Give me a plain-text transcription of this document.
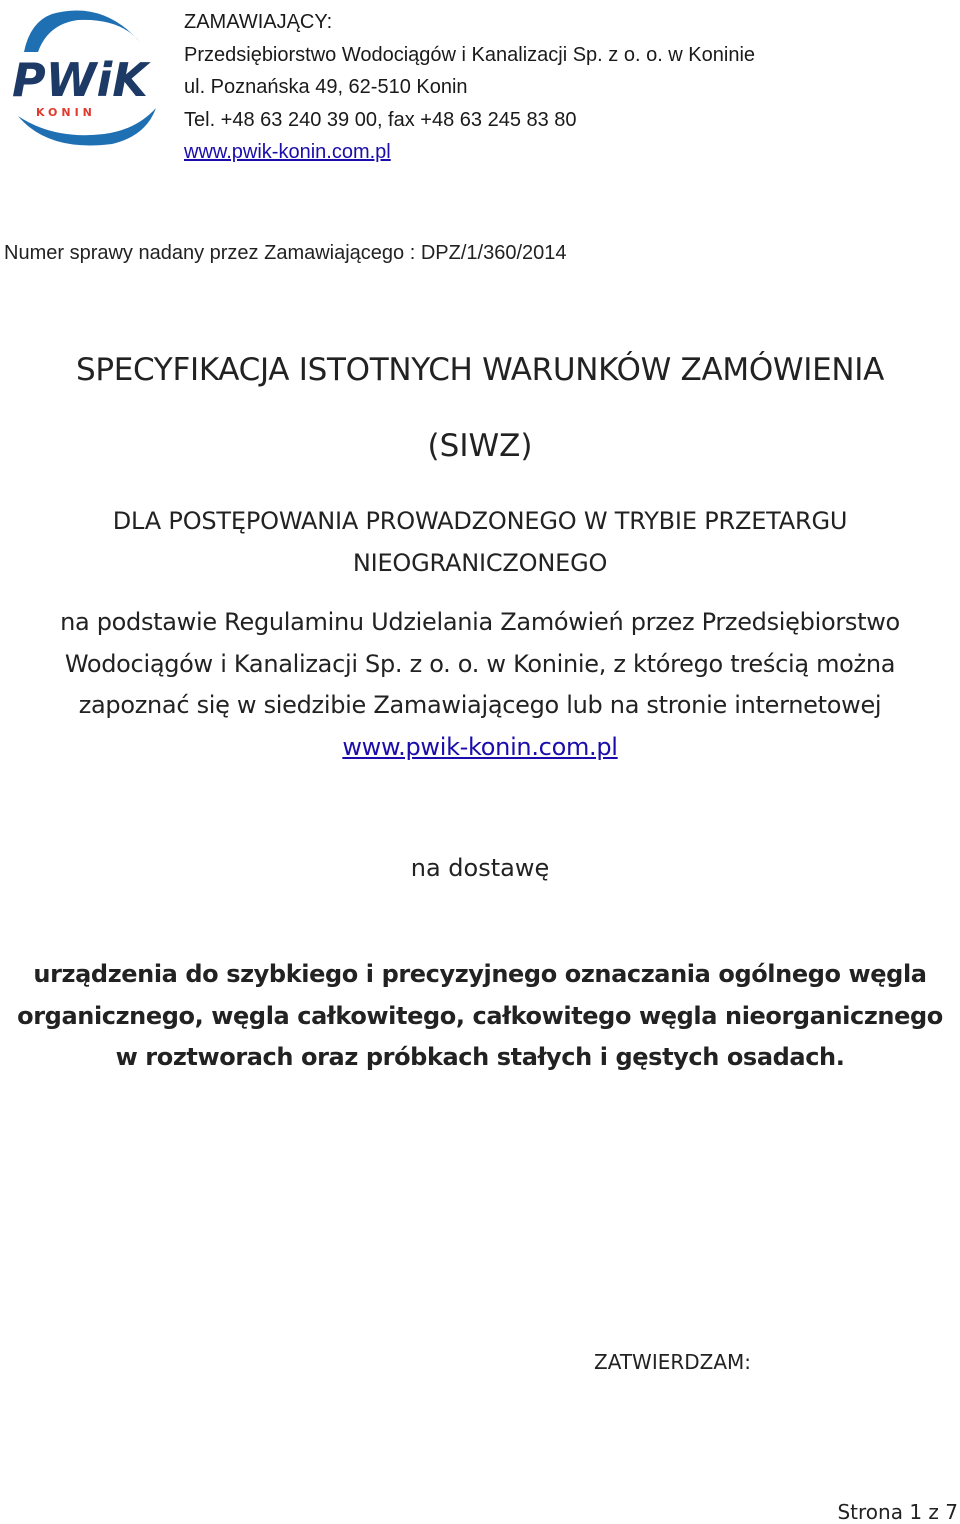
PWiK
KONIN
ZAMAWIAJĄCY:
Przedsiębiorstwo Wodociągów i Kanalizacji Sp. z o. o. w Koninie
ul. Poznańska 49, 62-510 Konin
Tel. +48 63 240 39 00, fax +48 63 245 83 80
www.pwik-konin.com.pl
Numer sprawy nadany przez Zamawiającego : DPZ/1/360/2014
SPECYFIKACJA ISTOTNYCH WARUNKÓW ZAMÓWIENIA
(SIWZ)
DLA POSTĘPOWANIA PROWADZONEGO W TRYBIE PRZETARGU
NIEOGRANICZONEGO
na podstawie Regulaminu Udzielania Zamówień przez Przedsiębiorstwo
Wodociągów i Kanalizacji Sp. z o. o. w Koninie, z którego treścią można
zapoznać się w siedzibie Zamawiającego lub na stronie internetowej
www.pwik-konin.com.pl
na dostawę
urządzenia do szybkiego i precyzyjnego oznaczania ogólnego węgla
organicznego, węgla całkowitego, całkowitego węgla nieorganicznego
w roztworach oraz próbkach stałych i gęstych osadach.
ZATWIERDZAM:
Strona 1 z 7
